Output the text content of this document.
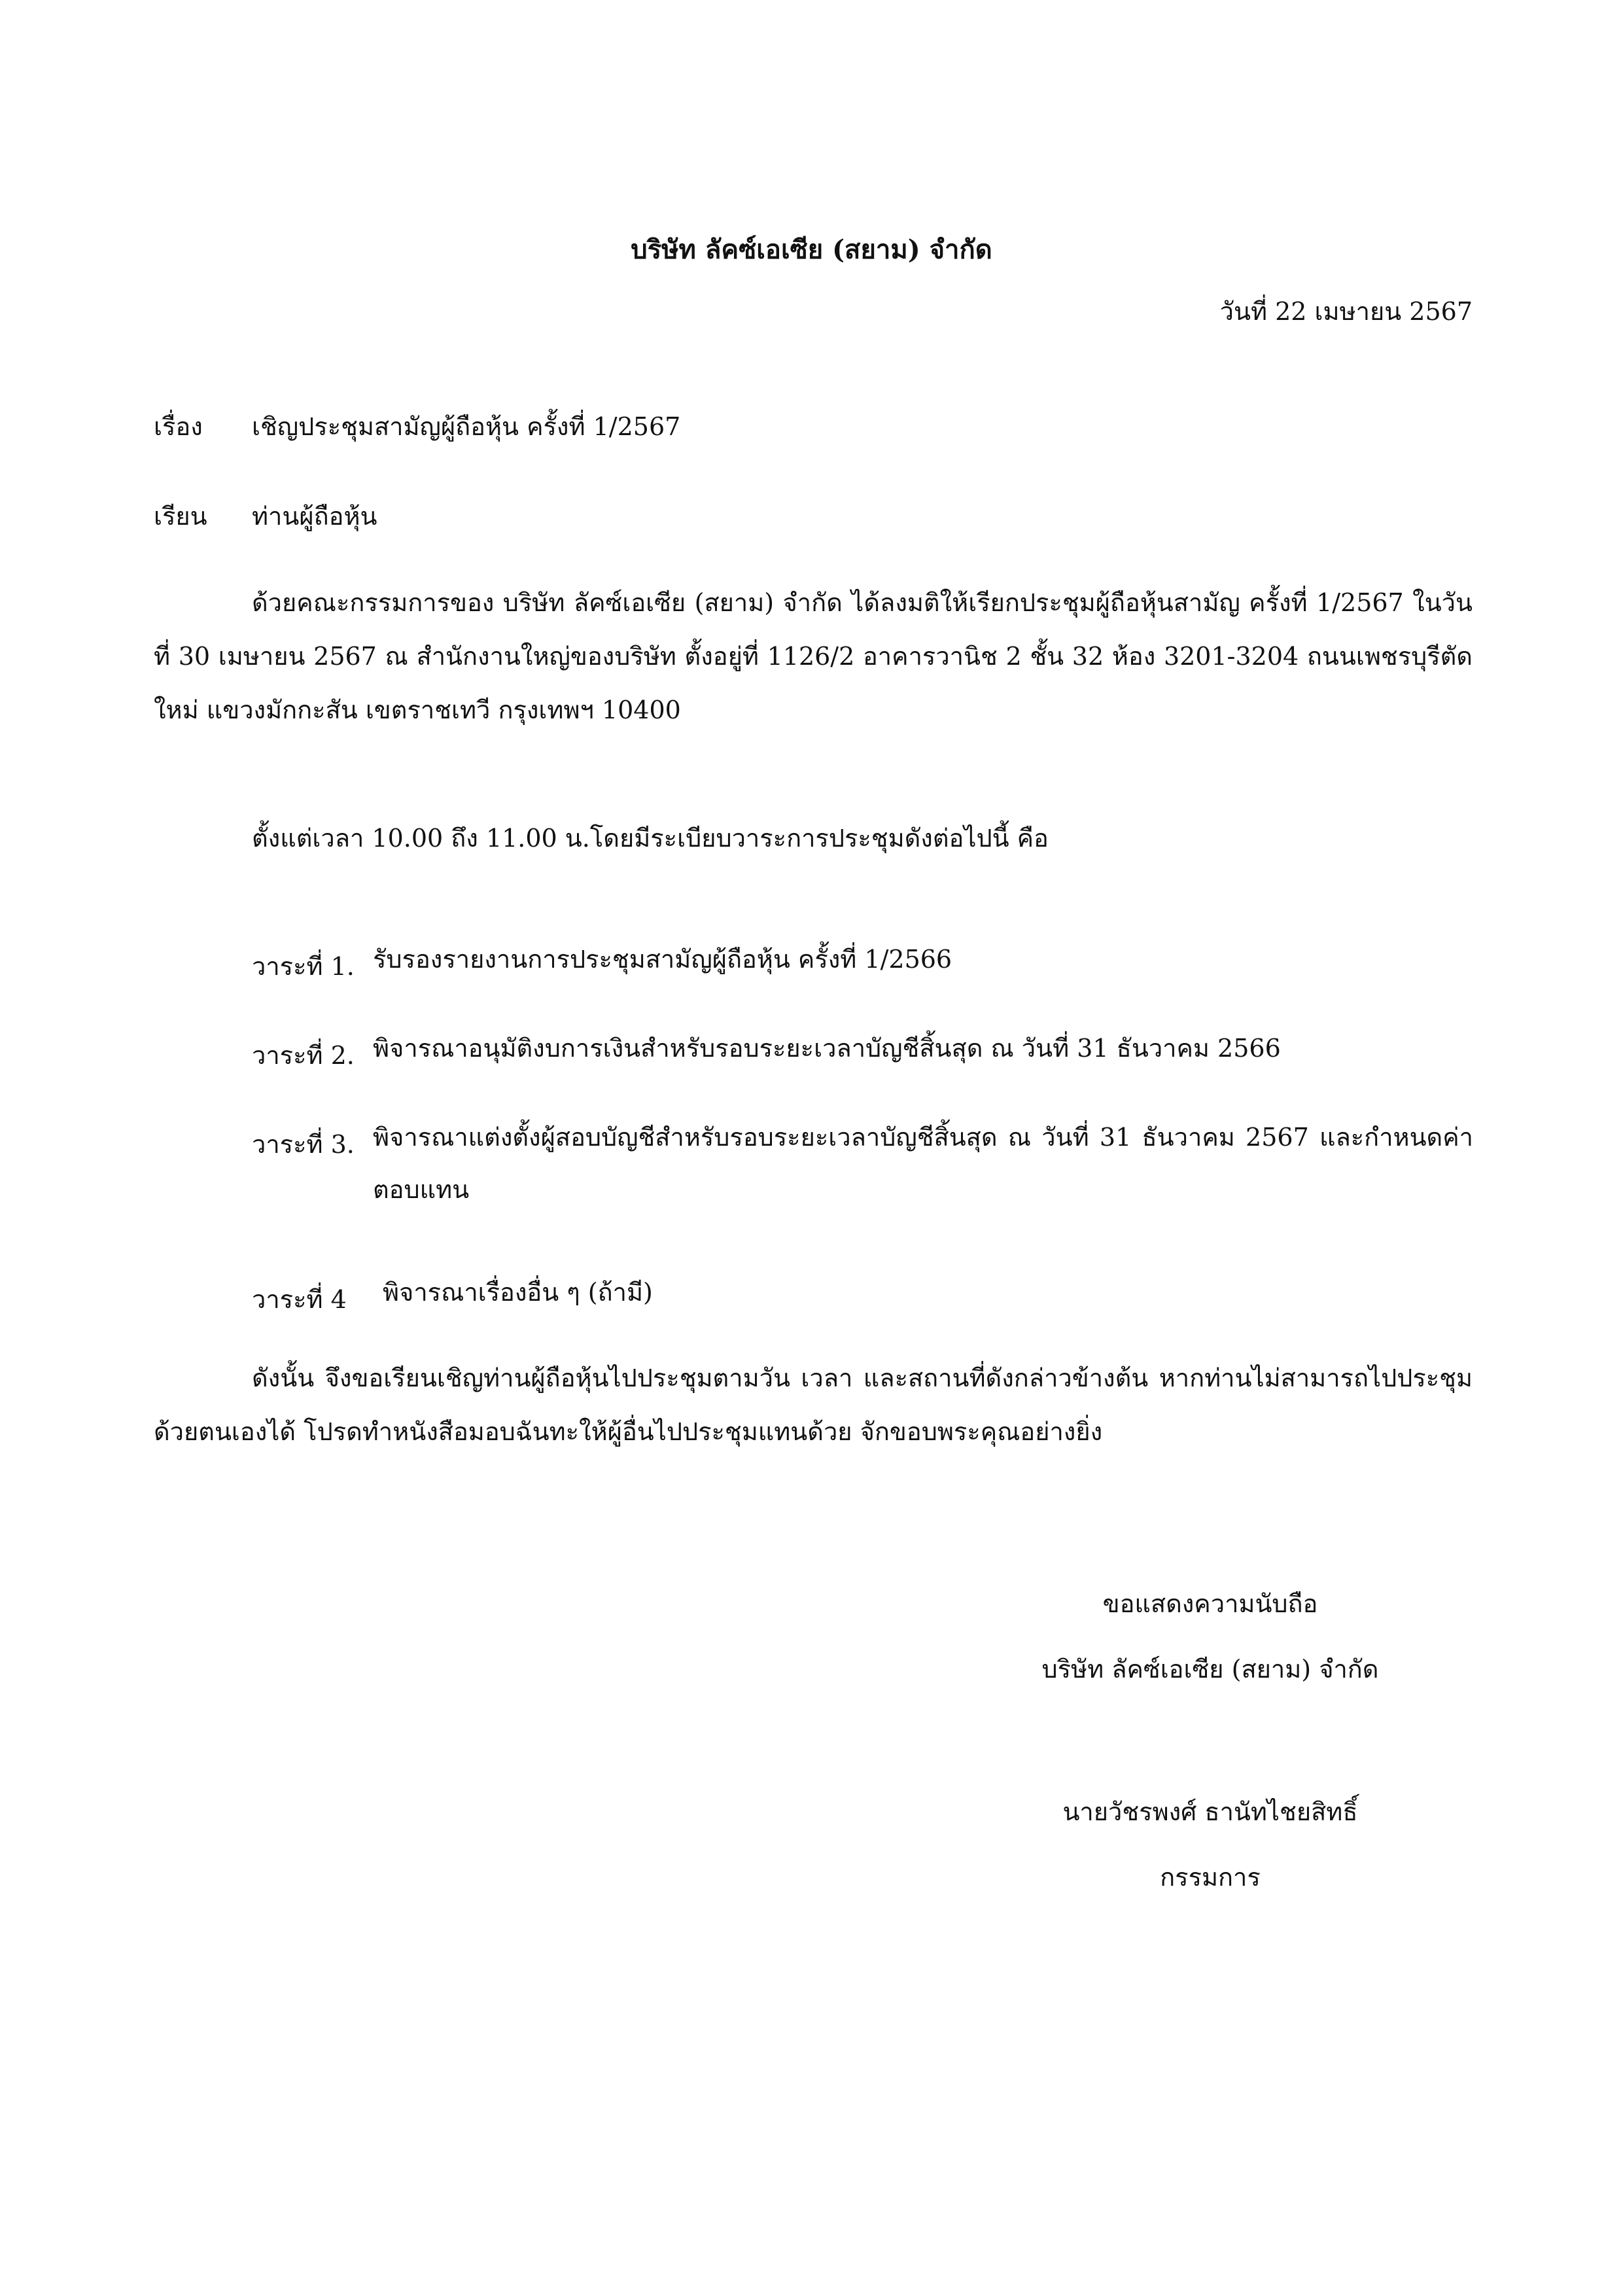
บริษัท ลัคซ์เอเซีย (สยาม) จำกัด
วันที่ 22 เมษายน 2567
เรื่อง เชิญประชุมสามัญผู้ถือหุ้น ครั้งที่ 1/2567
เรียน ท่านผู้ถือหุ้น
ด้วยคณะกรรมการของ บริษัท ลัคซ์เอเซีย (สยาม) จำกัด ได้ลงมติให้เรียกประชุมผู้ถือหุ้นสามัญ ครั้งที่ 1/2567 ในวันที่ 30 เมษายน 2567 ณ สำนักงานใหญ่ของบริษัท ตั้งอยู่ที่ 1126/2 อาคารวานิช 2 ชั้น 32 ห้อง 3201-3204 ถนนเพชรบุรีตัดใหม่ แขวงมักกะสัน เขตราชเทวี กรุงเทพฯ 10400
ตั้งแต่เวลา 10.00 ถึง 11.00 น.โดยมีระเบียบวาระการประชุมดังต่อไปนี้ คือ
วาระที่ 1. รับรองรายงานการประชุมสามัญผู้ถือหุ้น ครั้งที่ 1/2566
วาระที่ 2. พิจารณาอนุมัติงบการเงินสำหรับรอบระยะเวลาบัญชีสิ้นสุด ณ วันที่ 31 ธันวาคม 2566
วาระที่ 3. พิจารณาแต่งตั้งผู้สอบบัญชีสำหรับรอบระยะเวลาบัญชีสิ้นสุด ณ วันที่ 31 ธันวาคม 2567 และกำหนดค่าตอบแทน
วาระที่ 4 พิจารณาเรื่องอื่น ๆ (ถ้ามี)
ดังนั้น จึงขอเรียนเชิญท่านผู้ถือหุ้นไปประชุมตามวัน เวลา และสถานที่ดังกล่าวข้างต้น หากท่านไม่สามารถไปประชุมด้วยตนเองได้ โปรดทำหนังสือมอบฉันทะให้ผู้อื่นไปประชุมแทนด้วย จักขอบพระคุณอย่างยิ่ง
ขอแสดงความนับถือ
บริษัท ลัคซ์เอเซีย (สยาม) จำกัด
นายวัชรพงศ์ ธานัทไชยสิทธิ์
กรรมการ
